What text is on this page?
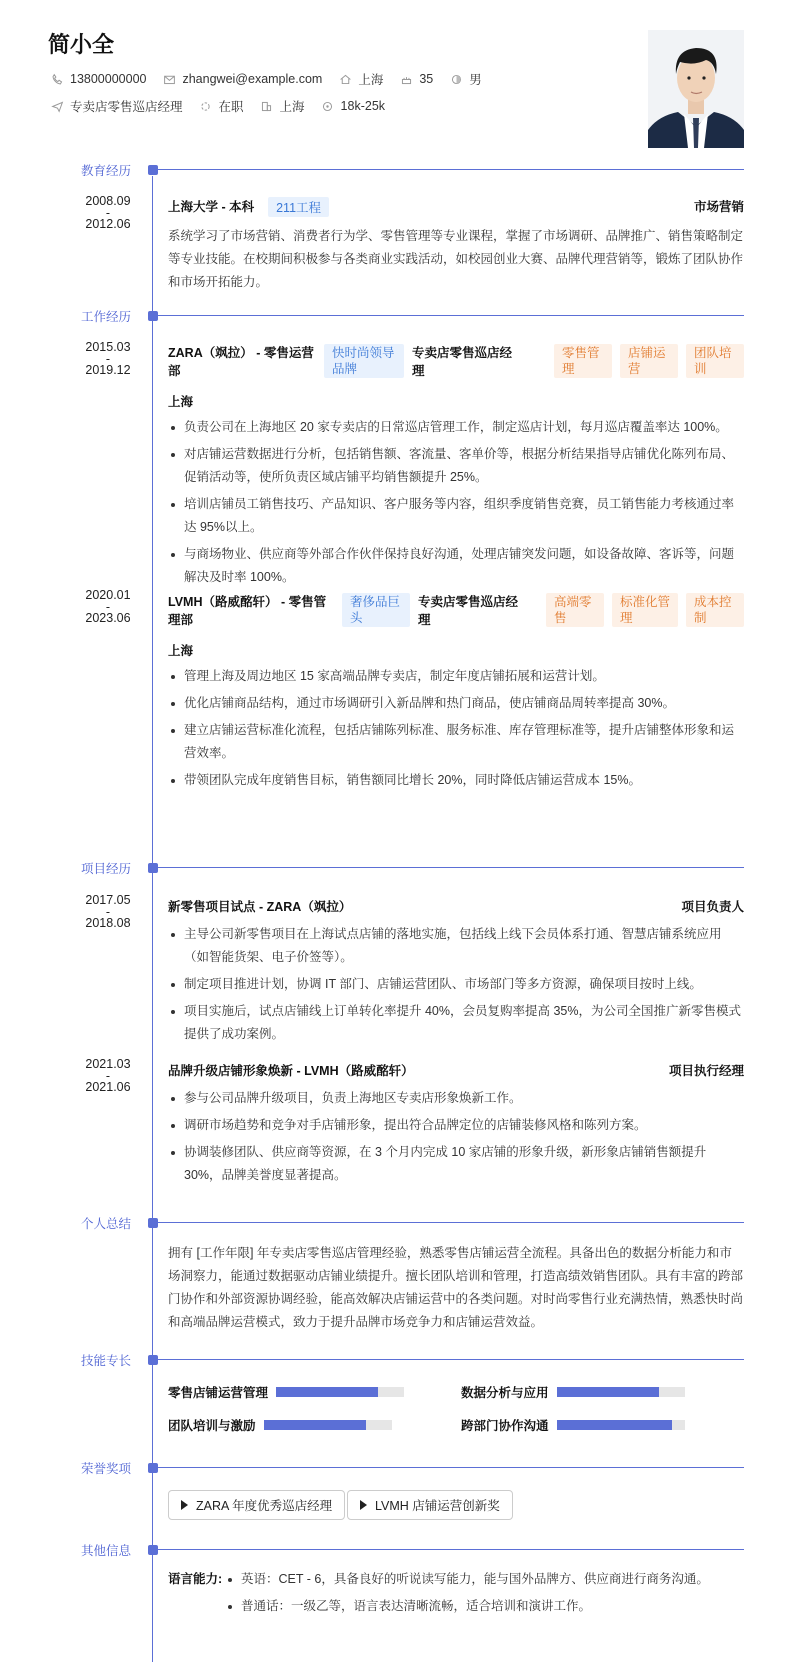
简小全
13800000000	zhangwei@example.com	上海	35	男
专卖店零售巡店经理	在职	上海	18k-25k
教育经历
2008.09
-
2012.06
上海大学 - 本科	211工程	市场营销
系统学习了市场营销、消费者行为学、零售管理等专业课程，掌握了市场调研、品牌推广、销售策略制定等专业技能。在校期间积极参与各类商业实践活动，如校园创业大赛、品牌代理营销等，锻炼了团队协作和市场开拓能力。
工作经历
2015.03
-
2019.12
ZARA（飒拉） - 零售运营部
快时尚领导品牌
专卖店零售巡店经理
零售管理
店铺运营
团队培训
上海
负责公司在上海地区 20 家专卖店的日常巡店管理工作，制定巡店计划，每月巡店覆盖率达 100%。
对店铺运营数据进行分析，包括销售额、客流量、客单价等，根据分析结果指导店铺优化陈列布局、促销活动等，使所负责区域店铺平均销售额提升 25%。
培训店铺员工销售技巧、产品知识、客户服务等内容，组织季度销售竞赛，员工销售能力考核通过率达 95%以上。
与商场物业、供应商等外部合作伙伴保持良好沟通，处理店铺突发问题，如设备故障、客诉等，问题解决及时率 100%。
2020.01
-
2023.06
LVMH（路威酩轩） - 零售管理部
奢侈品巨头
专卖店零售巡店经理
高端零售
标准化管理
成本控制
上海
管理上海及周边地区 15 家高端品牌专卖店，制定年度店铺拓展和运营计划。
优化店铺商品结构，通过市场调研引入新品牌和热门商品，使店铺商品周转率提高 30%。
建立店铺运营标准化流程，包括店铺陈列标准、服务标准、库存管理标准等，提升店铺整体形象和运营效率。
带领团队完成年度销售目标，销售额同比增长 20%，同时降低店铺运营成本 15%。
项目经历
2017.05
-
2018.08
新零售项目试点 - ZARA（飒拉）	项目负责人
主导公司新零售项目在上海试点店铺的落地实施，包括线上线下会员体系打通、智慧店铺系统应用（如智能货架、电子价签等）。
制定项目推进计划，协调 IT 部门、店铺运营团队、市场部门等多方资源，确保项目按时上线。
项目实施后，试点店铺线上订单转化率提升 40%，会员复购率提高 35%，为公司全国推广新零售模式提供了成功案例。
2021.03
-
2021.06
品牌升级店铺形象焕新 - LVMH（路威酩轩）	项目执行经理
参与公司品牌升级项目，负责上海地区专卖店形象焕新工作。
调研市场趋势和竞争对手店铺形象，提出符合品牌定位的店铺装修风格和陈列方案。
协调装修团队、供应商等资源，在 3 个月内完成 10 家店铺的形象升级，新形象店铺销售额提升 30%，品牌美誉度显著提高。
个人总结
拥有 [工作年限] 年专卖店零售巡店管理经验，熟悉零售店铺运营全流程。具备出色的数据分析能力和市场洞察力，能通过数据驱动店铺业绩提升。擅长团队培训和管理，打造高绩效销售团队。具有丰富的跨部门协作和外部资源协调经验，能高效解决店铺运营中的各类问题。对时尚零售行业充满热情，熟悉快时尚和高端品牌运营模式，致力于提升品牌市场竞争力和店铺运营效益。
技能专长
零售店铺运营管理	数据分析与应用
团队培训与激励	跨部门协作沟通
荣誉奖项
ZARA 年度优秀巡店经理	LVMH 店铺运营创新奖
其他信息
语言能力:	英语：CET - 6，具备良好的听说读写能力，能与国外品牌方、供应商进行商务沟通。
普通话：一级乙等，语言表达清晰流畅，适合培训和演讲工作。
